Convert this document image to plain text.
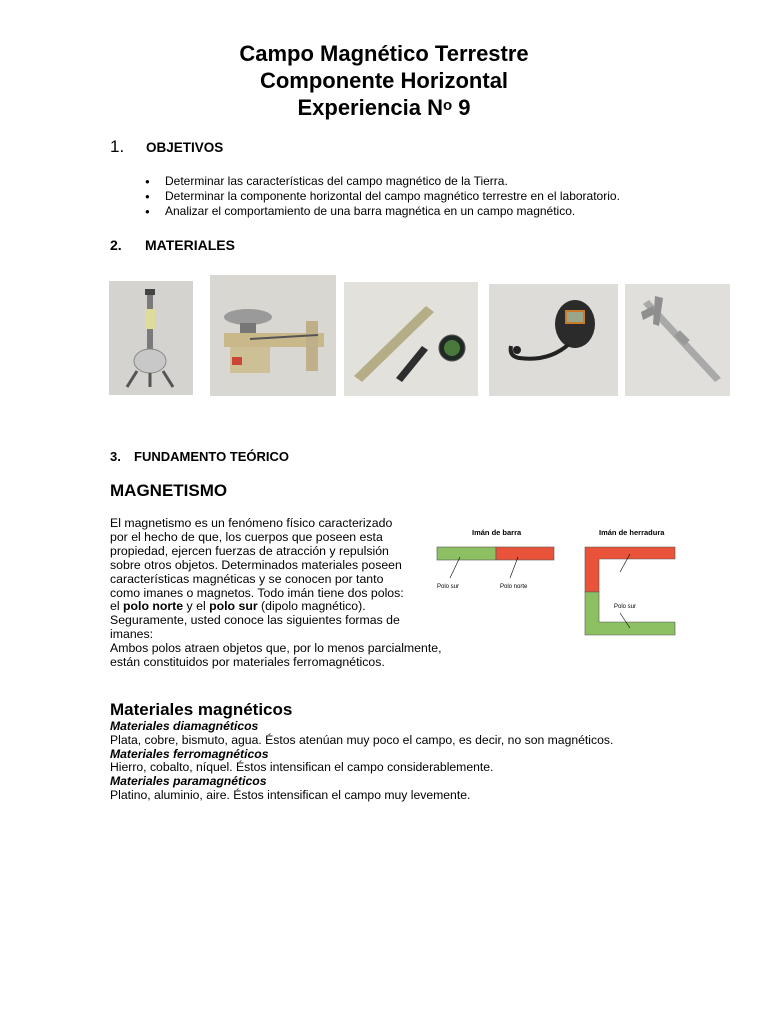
Campo Magnético Terrestre
Componente Horizontal
Experiencia $N^o$ 9
1. OBJETIVOS
● Determinar las características del campo magnético de la Tierra.
● Determinar la componente horizontal del campo magnético terrestre en el laboratorio.
● Analizar el comportamiento de una barra magnética en un campo magnético.
2. MATERIALES
3. FUNDAMENTO TEÓRICO
MAGNETISMO
El magnetismo es un fenómeno físico caracterizado
por el hecho de que, los cuerpos que poseen esta
propiedad, ejercen fuerzas de atracción y repulsión
sobre otros objetos. Determinados materiales poseen
características magnéticas y se conocen por tanto
como imanes o magnetos. Todo imán tiene dos polos:
el polo norte y el polo sur (dipolo magnético).
Seguramente, usted conoce las siguientes formas de
imanes:
Ambos polos atraen objetos que, por lo menos parcialmente,
están constituidos por materiales ferromagnéticos.
Imán de barra	Imán de herradura
Polo sur	Polo norte
Polo sur
Materiales magnéticos
Materiales diamagnéticos
Plata, cobre, bismuto, agua. Éstos atenúan muy poco el campo, es decir, no son magnéticos.
Materiales ferromagnéticos
Hierro, cobalto, níquel. Éstos intensifican el campo considerablemente.
Materiales paramagnéticos
Platino, aluminio, aire. Éstos intensifican el campo muy levemente.
